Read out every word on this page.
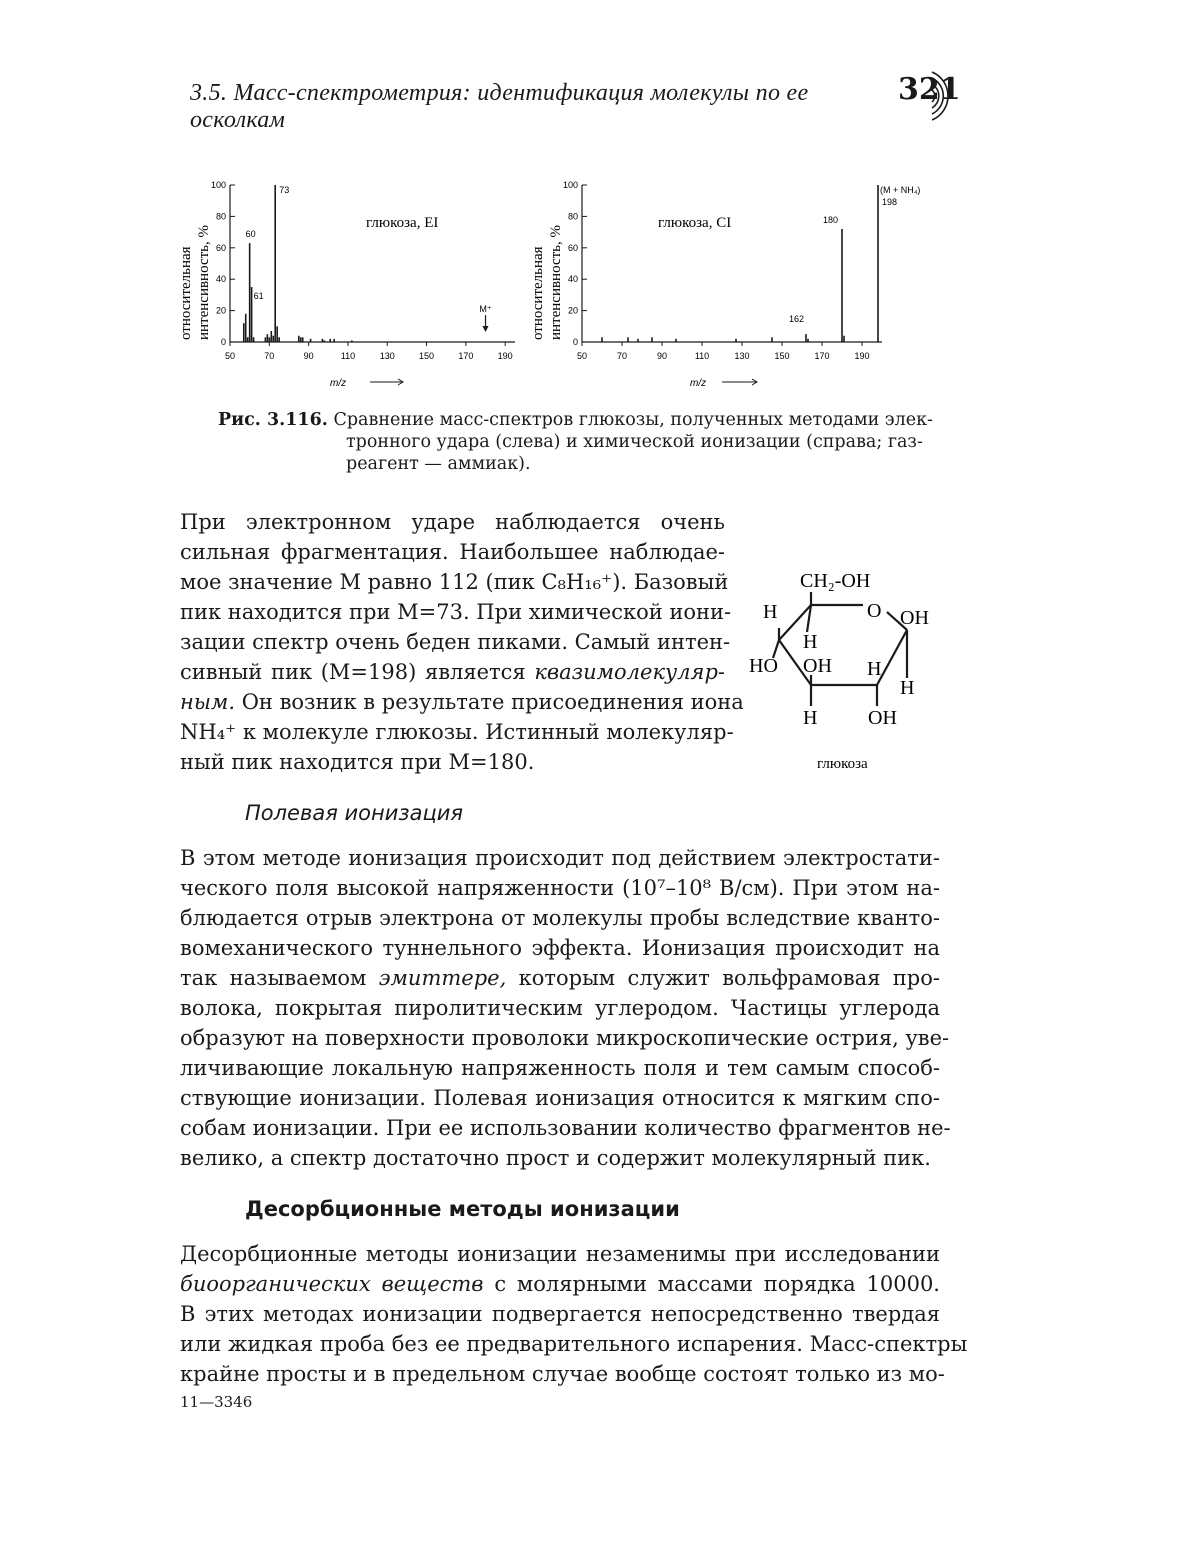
3.5. Масс-спектрометрия: идентификация молекулы по ее осколкам
321
относительная интенсивность, %
глюкоза, EI
m/z
0
20
40
60
80
100
50	70	90	110	130	150	170	190
73
60
61
M⁺	относительная интенсивность, %
глюкоза, CI
m/z
0
20
40
60
80
100
50	70	90	110	130	150	170	190
162
180
198
(M + NH₄)
Рис. 3.116. Сравнение масс-спектров глюкозы, полученных методами элек-
тронного удара (слева) и химической ионизации (справа; газ-
реагент — аммиак).
При электронном ударе наблюдается очень
сильная фрагментация. Наибольшее наблюдае-
мое значение М равно 112 (пик C₈H₁₆⁺). Базовый
пик находится при М=73. При химической иони-
зации спектр очень беден пиками. Самый интен-
сивный пик (М=198) является квазимолекуляр-
ным. Он возник в результате присоединения иона
NH₄⁺ к молекуле глюкозы. Истинный молекуляр-
ный пик находится при М=180.
CH₂-OH
O OH
H
H
HO OH H
H
H	OH
глюкоза
Полевая ионизация
В этом методе ионизация происходит под действием электростати-
ческого поля высокой напряженности (10⁷–10⁸ В/см). При этом на-
блюдается отрыв электрона от молекулы пробы вследствие кванто-
вомеханического туннельного эффекта. Ионизация происходит на
так называемом эмиттере, которым служит вольфрамовая про-
волока, покрытая пиролитическим углеродом. Частицы углерода
образуют на поверхности проволоки микроскопические острия, уве-
личивающие локальную напряженность поля и тем самым способ-
ствующие ионизации. Полевая ионизация относится к мягким спо-
собам ионизации. При ее использовании количество фрагментов не-
велико, а спектр достаточно прост и содержит молекулярный пик.
Десорбционные методы ионизации
Десорбционные методы ионизации незаменимы при исследовании
биоорганических веществ с молярными массами порядка 10000.
В этих методах ионизации подвергается непосредственно твердая
или жидкая проба без ее предварительного испарения. Масс-спектры
крайне просты и в предельном случае вообще состоят только из мо-
11—3346
